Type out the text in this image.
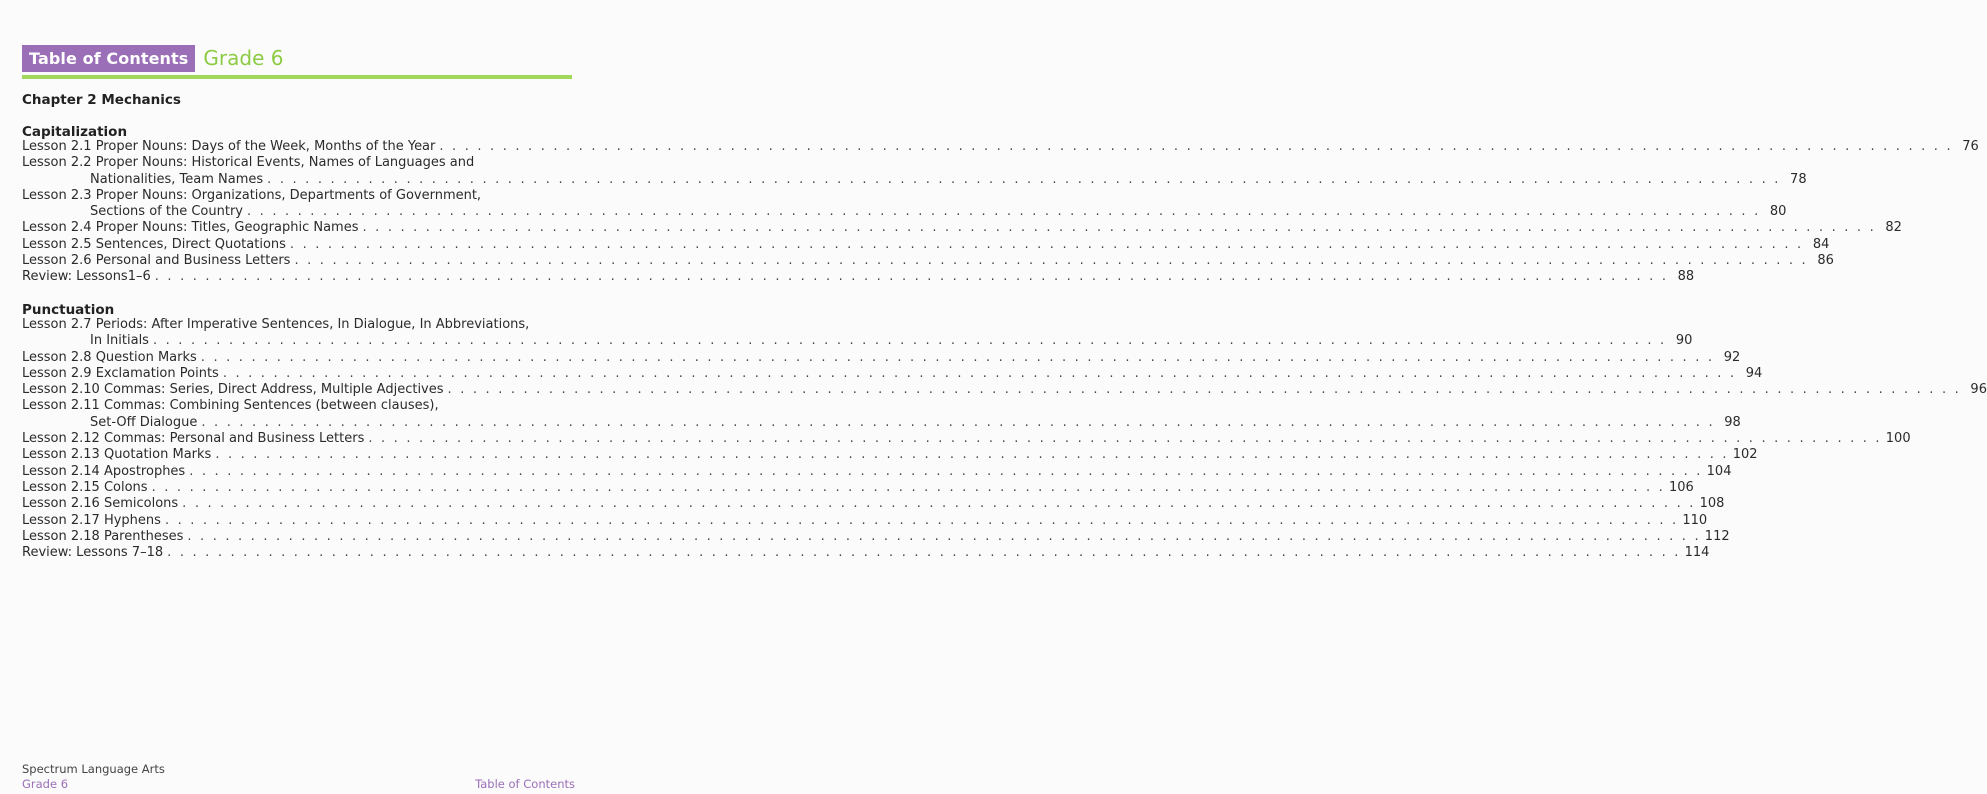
Table of Contents Grade 6
Chapter 2 Mechanics
Capitalization
Lesson 2.1 Proper Nouns: Days of the Week, Months of the Year . . . . . . . . . . . . . . . . . . . . . . . . . . . . . . . . . . . . . . . . . . . . . . . . . . . . . . . . . . . . . . . . . . . . . . . . . . . . . . . . . . . . . . . . . . . . . . . . . . . . . . . . . . . . . . . . . . . . . . . . 76
Lesson 2.2 Proper Nouns: Historical Events, Names of Languages and
Nationalities, Team Names . . . . . . . . . . . . . . . . . . . . . . . . . . . . . . . . . . . . . . . . . . . . . . . . . . . . . . . . . . . . . . . . . . . . . . . . . . . . . . . . . . . . . . . . . . . . . . . . . . . . . . . . . . . . . . . . . . . . . . . . 78
Lesson 2.3 Proper Nouns: Organizations, Departments of Government,
Sections of the Country . . . . . . . . . . . . . . . . . . . . . . . . . . . . . . . . . . . . . . . . . . . . . . . . . . . . . . . . . . . . . . . . . . . . . . . . . . . . . . . . . . . . . . . . . . . . . . . . . . . . . . . . . . . . . . . . . . . . . . . . 80
Lesson 2.4 Proper Nouns: Titles, Geographic Names . . . . . . . . . . . . . . . . . . . . . . . . . . . . . . . . . . . . . . . . . . . . . . . . . . . . . . . . . . . . . . . . . . . . . . . . . . . . . . . . . . . . . . . . . . . . . . . . . . . . . . . . . . . . . . . . . . . . . . . . 82
Lesson 2.5 Sentences, Direct Quotations . . . . . . . . . . . . . . . . . . . . . . . . . . . . . . . . . . . . . . . . . . . . . . . . . . . . . . . . . . . . . . . . . . . . . . . . . . . . . . . . . . . . . . . . . . . . . . . . . . . . . . . . . . . . . . . . . . . . . . . . 84
Lesson 2.6 Personal and Business Letters . . . . . . . . . . . . . . . . . . . . . . . . . . . . . . . . . . . . . . . . . . . . . . . . . . . . . . . . . . . . . . . . . . . . . . . . . . . . . . . . . . . . . . . . . . . . . . . . . . . . . . . . . . . . . . . . . . . . . . . . 86
Review: Lessons1–6 . . . . . . . . . . . . . . . . . . . . . . . . . . . . . . . . . . . . . . . . . . . . . . . . . . . . . . . . . . . . . . . . . . . . . . . . . . . . . . . . . . . . . . . . . . . . . . . . . . . . . . . . . . . . . . . . . . . . . . . . 88
Punctuation
Lesson 2.7 Periods: After Imperative Sentences, In Dialogue, In Abbreviations,
In Initials . . . . . . . . . . . . . . . . . . . . . . . . . . . . . . . . . . . . . . . . . . . . . . . . . . . . . . . . . . . . . . . . . . . . . . . . . . . . . . . . . . . . . . . . . . . . . . . . . . . . . . . . . . . . . . . . . . . . . . . . 90
Lesson 2.8 Question Marks . . . . . . . . . . . . . . . . . . . . . . . . . . . . . . . . . . . . . . . . . . . . . . . . . . . . . . . . . . . . . . . . . . . . . . . . . . . . . . . . . . . . . . . . . . . . . . . . . . . . . . . . . . . . . . . . . . . . . . . . 92
Lesson 2.9 Exclamation Points . . . . . . . . . . . . . . . . . . . . . . . . . . . . . . . . . . . . . . . . . . . . . . . . . . . . . . . . . . . . . . . . . . . . . . . . . . . . . . . . . . . . . . . . . . . . . . . . . . . . . . . . . . . . . . . . . . . . . . . . 94
Lesson 2.10 Commas: Series, Direct Address, Multiple Adjectives . . . . . . . . . . . . . . . . . . . . . . . . . . . . . . . . . . . . . . . . . . . . . . . . . . . . . . . . . . . . . . . . . . . . . . . . . . . . . . . . . . . . . . . . . . . . . . . . . . . . . . . . . . . . . . . . . . . . . . . . 96
Lesson 2.11 Commas: Combining Sentences (between clauses),
Set-Off Dialogue . . . . . . . . . . . . . . . . . . . . . . . . . . . . . . . . . . . . . . . . . . . . . . . . . . . . . . . . . . . . . . . . . . . . . . . . . . . . . . . . . . . . . . . . . . . . . . . . . . . . . . . . . . . . . . . . . . . . . . . . 98
Lesson 2.12 Commas: Personal and Business Letters . . . . . . . . . . . . . . . . . . . . . . . . . . . . . . . . . . . . . . . . . . . . . . . . . . . . . . . . . . . . . . . . . . . . . . . . . . . . . . . . . . . . . . . . . . . . . . . . . . . . . . . . . . . . . . . . . . . . . . . . 100
Lesson 2.13 Quotation Marks . . . . . . . . . . . . . . . . . . . . . . . . . . . . . . . . . . . . . . . . . . . . . . . . . . . . . . . . . . . . . . . . . . . . . . . . . . . . . . . . . . . . . . . . . . . . . . . . . . . . . . . . . . . . . . . . . . . . . . . . 102
Lesson 2.14 Apostrophes . . . . . . . . . . . . . . . . . . . . . . . . . . . . . . . . . . . . . . . . . . . . . . . . . . . . . . . . . . . . . . . . . . . . . . . . . . . . . . . . . . . . . . . . . . . . . . . . . . . . . . . . . . . . . . . . . . . . . . . . 104
Lesson 2.15 Colons . . . . . . . . . . . . . . . . . . . . . . . . . . . . . . . . . . . . . . . . . . . . . . . . . . . . . . . . . . . . . . . . . . . . . . . . . . . . . . . . . . . . . . . . . . . . . . . . . . . . . . . . . . . . . . . . . . . . . . . . 106
Lesson 2.16 Semicolons . . . . . . . . . . . . . . . . . . . . . . . . . . . . . . . . . . . . . . . . . . . . . . . . . . . . . . . . . . . . . . . . . . . . . . . . . . . . . . . . . . . . . . . . . . . . . . . . . . . . . . . . . . . . . . . . . . . . . . . . 108
Lesson 2.17 Hyphens . . . . . . . . . . . . . . . . . . . . . . . . . . . . . . . . . . . . . . . . . . . . . . . . . . . . . . . . . . . . . . . . . . . . . . . . . . . . . . . . . . . . . . . . . . . . . . . . . . . . . . . . . . . . . . . . . . . . . . . . 110
Lesson 2.18 Parentheses . . . . . . . . . . . . . . . . . . . . . . . . . . . . . . . . . . . . . . . . . . . . . . . . . . . . . . . . . . . . . . . . . . . . . . . . . . . . . . . . . . . . . . . . . . . . . . . . . . . . . . . . . . . . . . . . . . . . . . . . 112
Review: Lessons 7–18 . . . . . . . . . . . . . . . . . . . . . . . . . . . . . . . . . . . . . . . . . . . . . . . . . . . . . . . . . . . . . . . . . . . . . . . . . . . . . . . . . . . . . . . . . . . . . . . . . . . . . . . . . . . . . . . . . . . . . . . . 114
Spectrum Language Arts
Grade 6	Table of Contents
